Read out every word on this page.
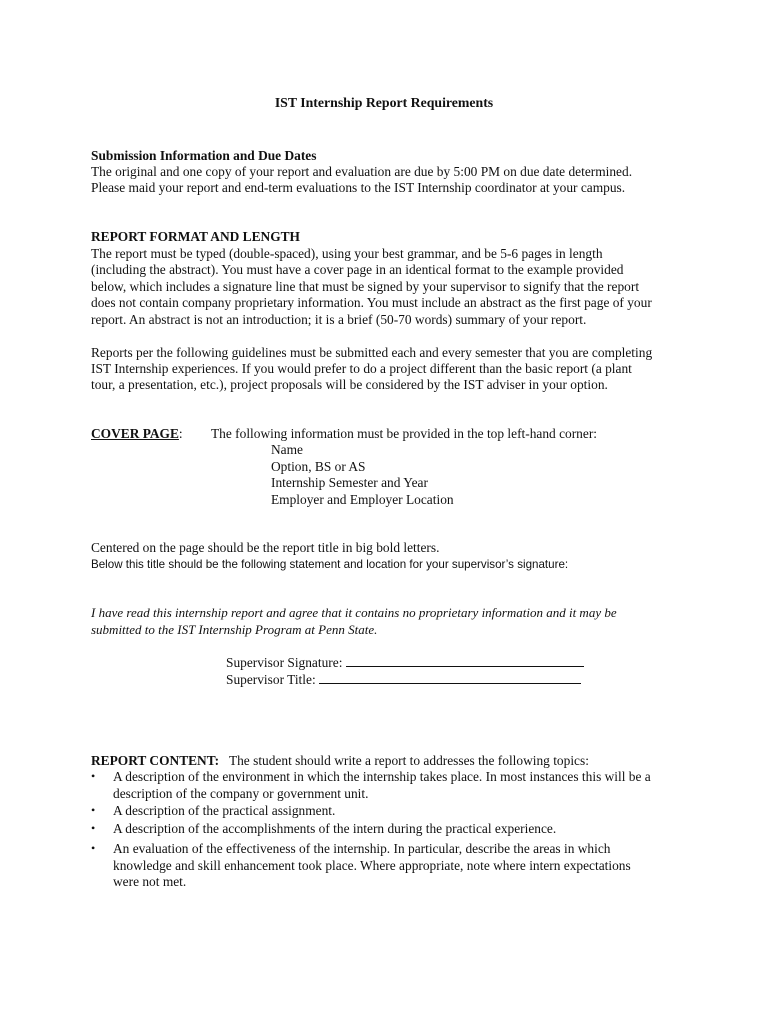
IST Internship Report Requirements
Submission Information and Due Dates
The original and one copy of your report and evaluation are due by 5:00 PM on due date determined.
Please maid your report and end-term evaluations to the IST Internship coordinator at your campus.
REPORT FORMAT AND LENGTH
The report must be typed (double-spaced), using your best grammar, and be 5-6 pages in length
(including the abstract). You must have a cover page in an identical format to the example provided
below, which includes a signature line that must be signed by your supervisor to signify that the report
does not contain company proprietary information. You must include an abstract as the first page of your
report. An abstract is not an introduction; it is a brief (50-70 words) summary of your report.
Reports per the following guidelines must be submitted each and every semester that you are completing
IST Internship experiences. If you would prefer to do a project different than the basic report (a plant
tour, a presentation, etc.), project proposals will be considered by the IST adviser in your option.
COVER PAGE: The following information must be provided in the top left-hand corner:
Name
Option, BS or AS
Internship Semester and Year
Employer and Employer Location
Centered on the page should be the report title in big bold letters.
Below this title should be the following statement and location for your supervisor’s signature:
I have read this internship report and agree that it contains no proprietary information and it may be
submitted to the IST Internship Program at Penn State.
Supervisor Signature:
Supervisor Title:
REPORT CONTENT: The student should write a report to addresses the following topics:
• A description of the environment in which the internship takes place. In most instances this will be a
description of the company or government unit.
• A description of the practical assignment.
• A description of the accomplishments of the intern during the practical experience.
• An evaluation of the effectiveness of the internship. In particular, describe the areas in which
knowledge and skill enhancement took place. Where appropriate, note where intern expectations
were not met.
